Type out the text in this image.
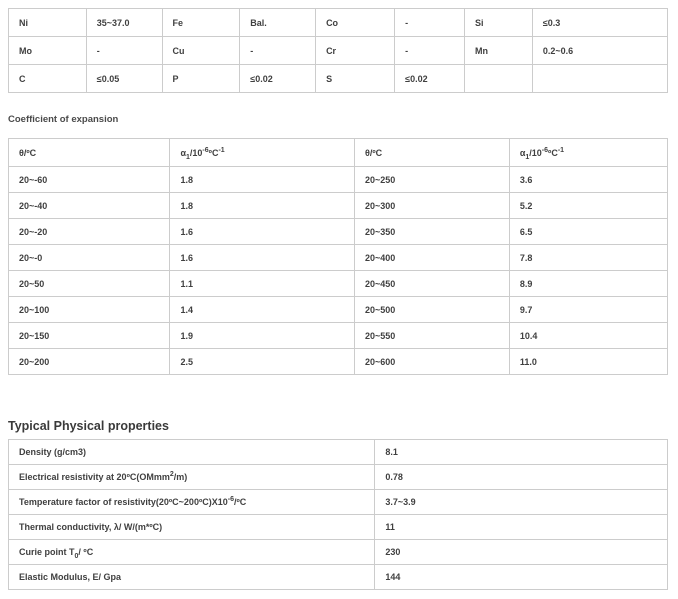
Ni	35~37.0	Fe	Bal.	Co	-	Si	≤0.3
Mo	-	Cu	-	Cr	-	Mn	0.2~0.6
C	≤0.05	P	≤0.02	S	≤0.02		
Coefficient of expansion
θ/ºC	$\alpha_1/10^{-6}ºC^{-1}$	θ/ºC	$\alpha_1/10^{-6}ºC^{-1}$
20~-60	1.8	20~250	3.6
20~-40	1.8	20~300	5.2
20~-20	1.6	20~350	6.5
20~-0	1.6	20~400	7.8
20~50	1.1	20~450	8.9
20~100	1.4	20~500	9.7
20~150	1.9	20~550	10.4
20~200	2.5	20~600	11.0
Typical Physical properties
Density (g/cm3)	8.1
Electrical resistivity at 20ºC(OMmm$^2$/m)	0.78
Temperature factor of $resistivity(20ºC\sim 200ºC)X10^{-6}/ºC$	3.7~3.9
Thermal conductivity, λ/ W/(m*ºC)	11
Curie point $T_0/$ ºC	230
Elastic Modulus, E/ Gpa	144
